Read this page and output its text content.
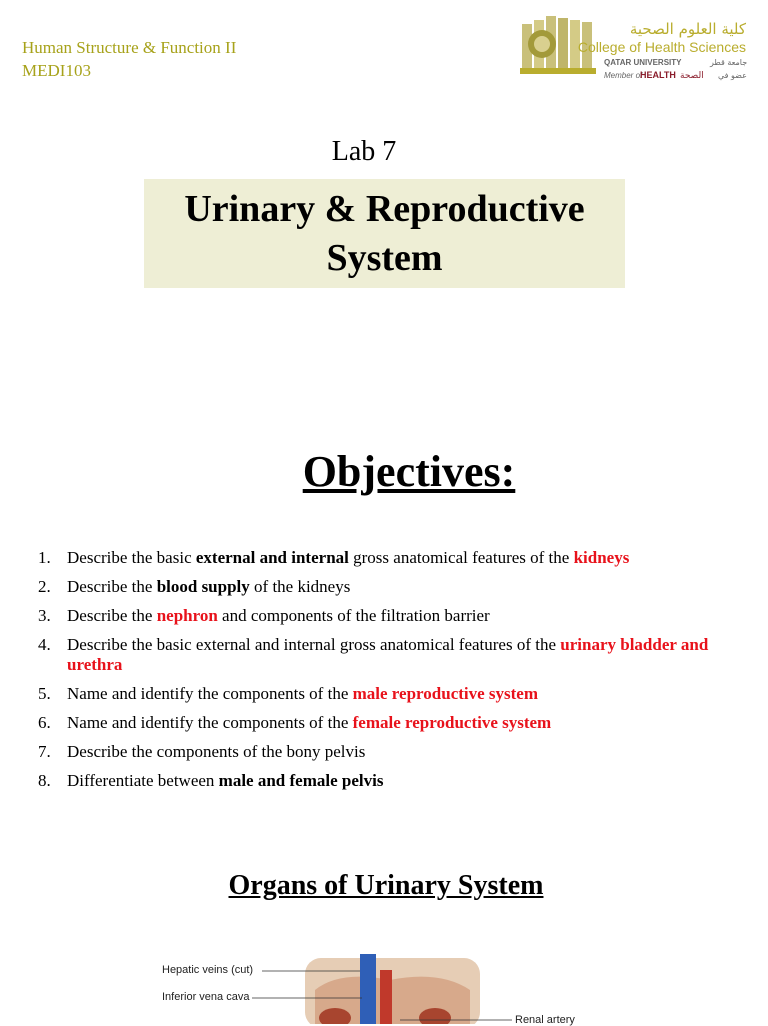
Human Structure & Function II
MEDI103
كلية العلوم الصحية
College of Health Sciences
QATAR UNIVERSITY	جامعة قطر
Member of
HEALTH الصحة عضو في
Lab 7
Urinary & Reproductive
System
Objectives:
1. Describe the basic external and internal gross anatomical features of the kidneys
2. Describe the blood supply of the kidneys
3. Describe the nephron and components of the filtration barrier
4. Describe the basic external and internal gross anatomical features of the urinary bladder and urethra
5. Name and identify the components of the male reproductive system
6. Name and identify the components of the female reproductive system
7. Describe the components of the bony pelvis
8. Differentiate between male and female pelvis
Organs of Urinary System
Hepatic veins (cut)
Inferior vena cava
Renal artery
